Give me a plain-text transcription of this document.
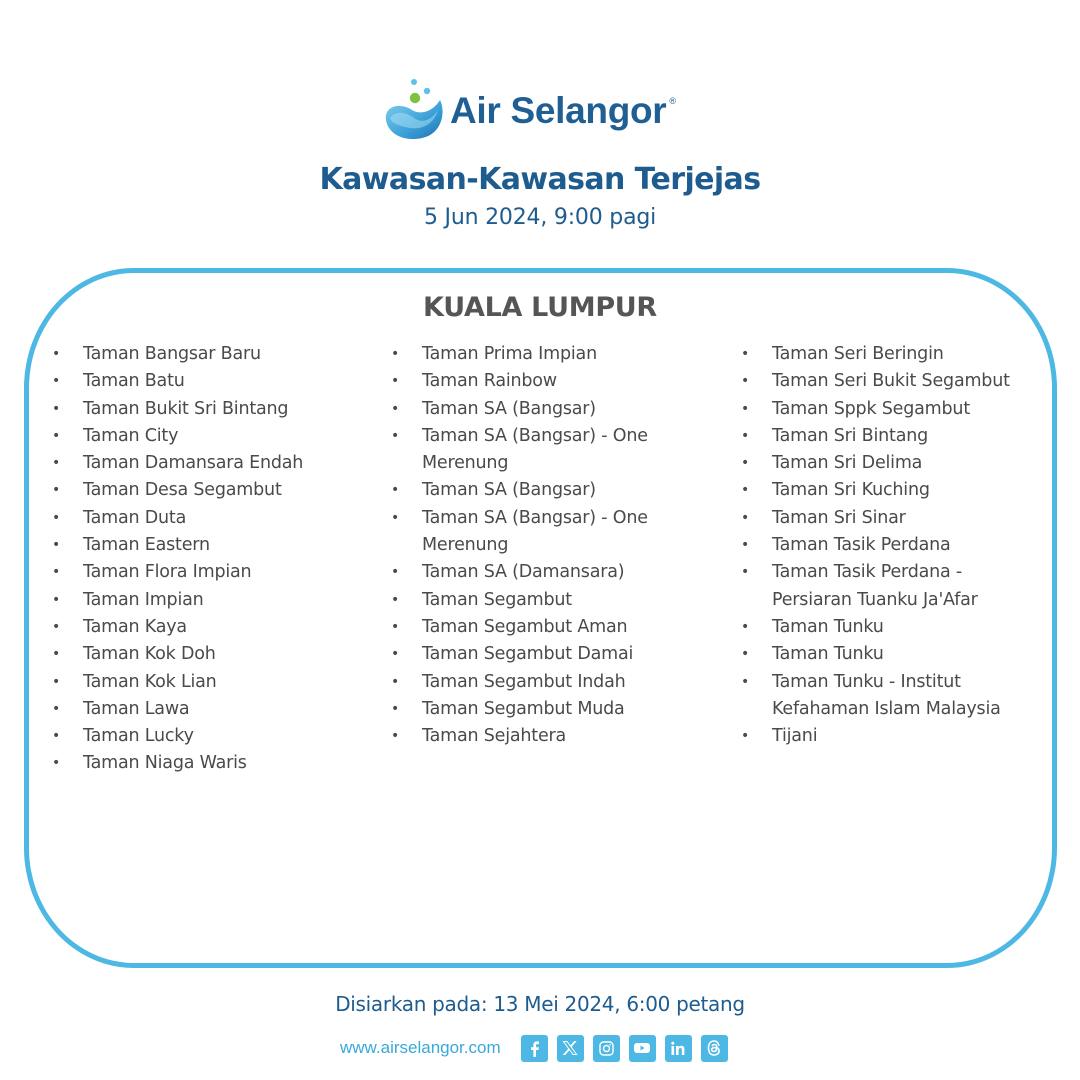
Air Selangor ®
Kawasan-Kawasan Terjejas
5 Jun 2024, 9:00 pagi
KUALA LUMPUR
• Taman Bangsar Baru
• Taman Batu
• Taman Bukit Sri Bintang
• Taman City
• Taman Damansara Endah
• Taman Desa Segambut
• Taman Duta
• Taman Eastern
• Taman Flora Impian
• Taman Impian
• Taman Kaya
• Taman Kok Doh
• Taman Kok Lian
• Taman Lawa
• Taman Lucky
• Taman Niaga Waris
• Taman Prima Impian
• Taman Rainbow
• Taman SA (Bangsar)
• Taman SA (Bangsar) - One Merenung
• Taman SA (Bangsar)
• Taman SA (Bangsar) - One Merenung
• Taman SA (Damansara)
• Taman Segambut
• Taman Segambut Aman
• Taman Segambut Damai
• Taman Segambut Indah
• Taman Segambut Muda
• Taman Sejahtera
• Taman Seri Beringin
• Taman Seri Bukit Segambut
• Taman Sppk Segambut
• Taman Sri Bintang
• Taman Sri Delima
• Taman Sri Kuching
• Taman Sri Sinar
• Taman Tasik Perdana
• Taman Tasik Perdana - Persiaran Tuanku Ja'Afar
• Taman Tunku
• Taman Tunku
• Taman Tunku - Institut Kefahaman Islam Malaysia
• Tijani
Disiarkan pada: 13 Mei 2024, 6:00 petang
www.airselangor.com
